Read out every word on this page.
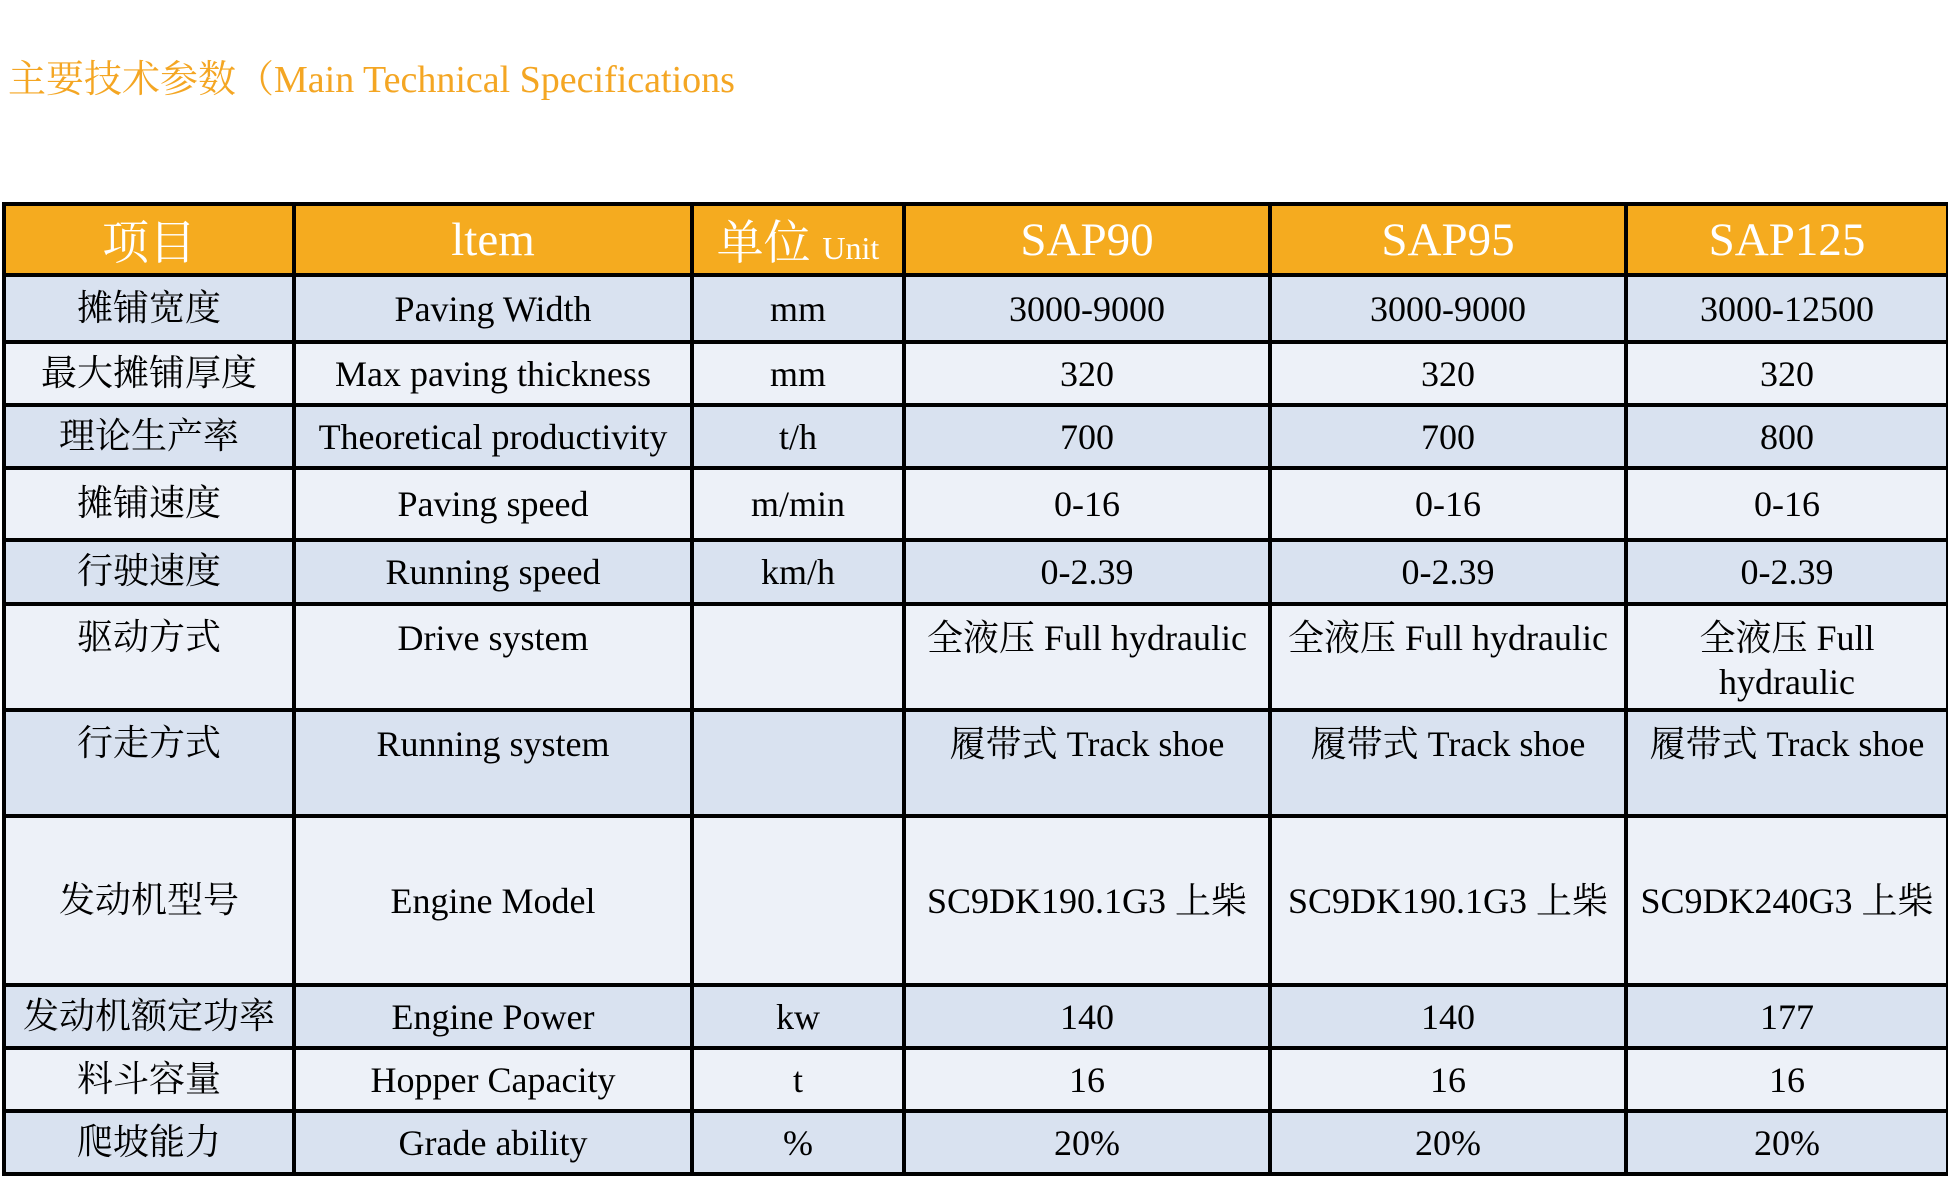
主要技术参数（Main Technical Specifications
项目	ltem	单位 Unit	SAP90	SAP95	SAP125
摊铺宽度	Paving Width	mm	3000-9000	3000-9000	3000-12500
最大摊铺厚度	Max paving thickness	mm	320	320	320
理论生产率	Theoretical productivity	t/h	700	700	800
摊铺速度	Paving speed	m/min	0-16	0-16	0-16
行驶速度	Running speed	km/h	0-2.39	0-2.39	0-2.39
驱动方式	Drive system		全液压 Full hydraulic	全液压 Full hydraulic	全液压 Full hydraulic
行走方式	Running system		履带式 Track shoe	履带式 Track shoe	履带式 Track shoe
发动机型号	Engine Model		SC9DK190.1G3 上柴	SC9DK190.1G3 上柴	SC9DK240G3 上柴
发动机额定功率	Engine Power	kw	140	140	177
料斗容量	Hopper Capacity	t	16	16	16
爬坡能力	Grade ability	%	20%	20%	20%
